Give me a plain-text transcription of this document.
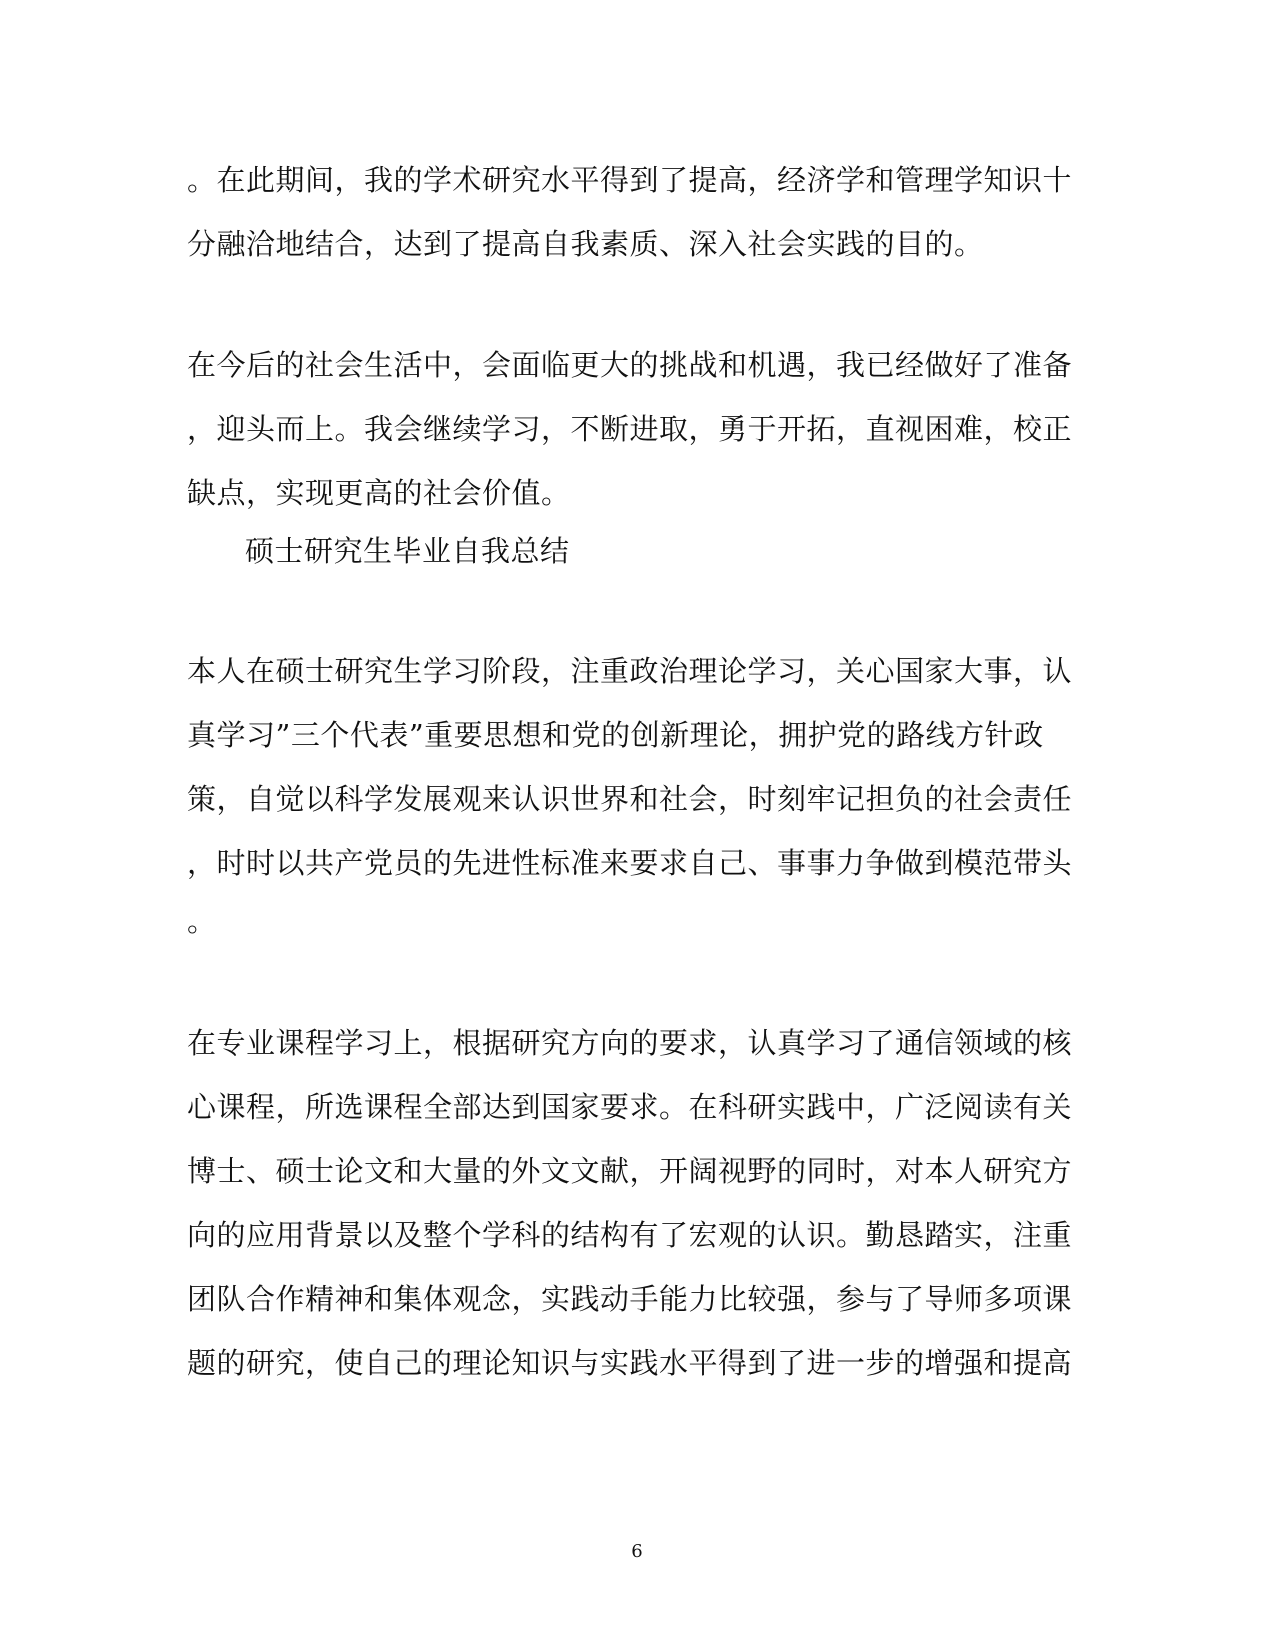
。在此期间，我的学术研究水平得到了提高，经济学和管理学知识十
分融洽地结合，达到了提高自我素质、深入社会实践的目的。
在今后的社会生活中，会面临更大的挑战和机遇，我已经做好了准备
，迎头而上。我会继续学习，不断进取，勇于开拓，直视困难，校正
缺点，实现更高的社会价值。
硕士研究生毕业自我总结
本人在硕士研究生学习阶段，注重政治理论学习，关心国家大事，认
真学习”三个代表”重要思想和党的创新理论，拥护党的路线方针政
策，自觉以科学发展观来认识世界和社会，时刻牢记担负的社会责任
，时时以共产党员的先进性标准来要求自己、事事力争做到模范带头
。
在专业课程学习上，根据研究方向的要求，认真学习了通信领域的核
心课程，所选课程全部达到国家要求。在科研实践中，广泛阅读有关
博士、硕士论文和大量的外文文献，开阔视野的同时，对本人研究方
向的应用背景以及整个学科的结构有了宏观的认识。勤恳踏实，注重
团队合作精神和集体观念，实践动手能力比较强，参与了导师多项课
题的研究，使自己的理论知识与实践水平得到了进一步的增强和提高
6
